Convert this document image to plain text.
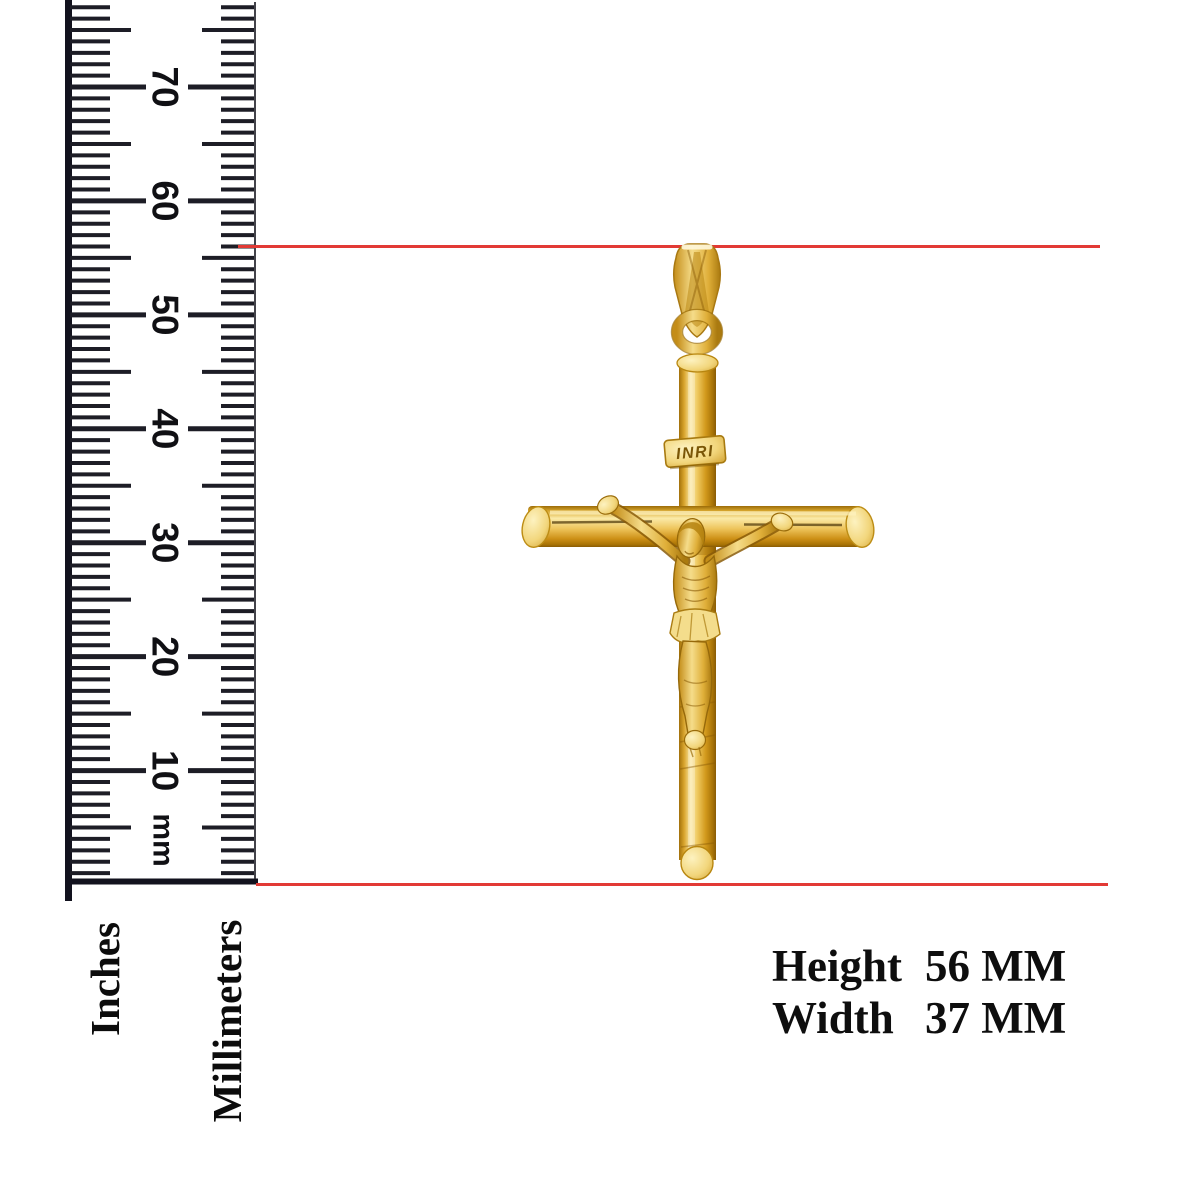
10
20
30
40
50
60
70
mm
INRI
Inches Millimeters	Height 56 MM
Width 37 MM
